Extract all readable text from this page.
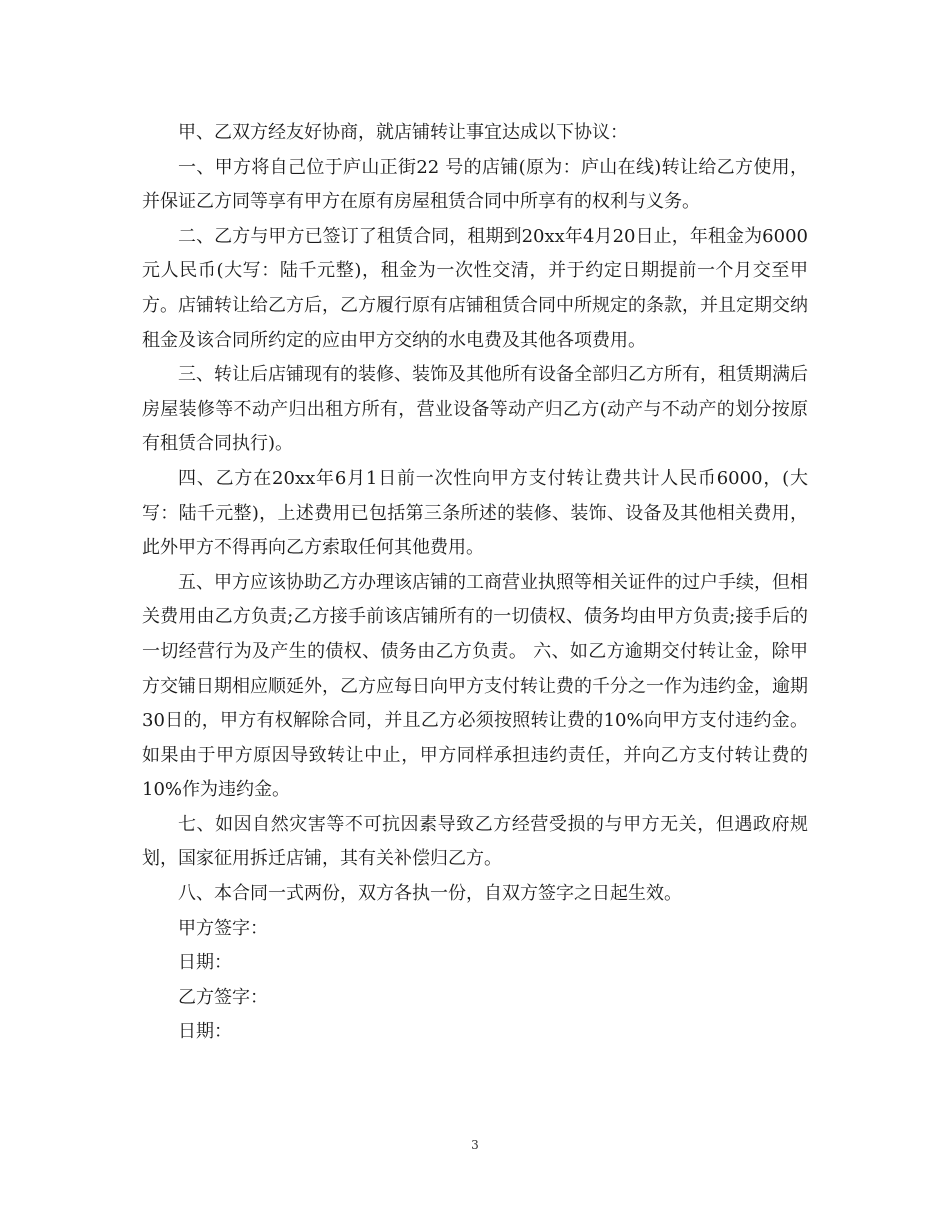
甲、乙双方经友好协商，就店铺转让事宜达成以下协议：

一、甲方将自己位于庐山正街22 号的店铺(原为：庐山在线)转让给乙方使用，并保证乙方同等享有甲方在原有房屋租赁合同中所享有的权利与义务。

二、乙方与甲方已签订了租赁合同，租期到20xx年4月20日止，年租金为6000元人民币(大写：陆千元整)，租金为一次性交清，并于约定日期提前一个月交至甲方。店铺转让给乙方后，乙方履行原有店铺租赁合同中所规定的条款，并且定期交纳租金及该合同所约定的应由甲方交纳的水电费及其他各项费用。

三、转让后店铺现有的装修、装饰及其他所有设备全部归乙方所有，租赁期满后房屋装修等不动产归出租方所有，营业设备等动产归乙方(动产与不动产的划分按原有租赁合同执行)。

四、乙方在20xx年6月1日前一次性向甲方支付转让费共计人民币6000，(大写：陆千元整)，上述费用已包括第三条所述的装修、装饰、设备及其他相关费用，此外甲方不得再向乙方索取任何其他费用。

五、甲方应该协助乙方办理该店铺的工商营业执照等相关证件的过户手续，但相关费用由乙方负责;乙方接手前该店铺所有的一切债权、债务均由甲方负责;接手后的一切经营行为及产生的债权、债务由乙方负责。 六、如乙方逾期交付转让金，除甲方交铺日期相应顺延外，乙方应每日向甲方支付转让费的千分之一作为违约金，逾期30日的，甲方有权解除合同，并且乙方必须按照转让费的10%向甲方支付违约金。如果由于甲方原因导致转让中止，甲方同样承担违约责任，并向乙方支付转让费的10%作为违约金。

七、如因自然灾害等不可抗因素导致乙方经营受损的与甲方无关，但遇政府规划，国家征用拆迁店铺，其有关补偿归乙方。

八、本合同一式两份，双方各执一份，自双方签字之日起生效。

甲方签字：

日期：

乙方签字：

日期：

3
